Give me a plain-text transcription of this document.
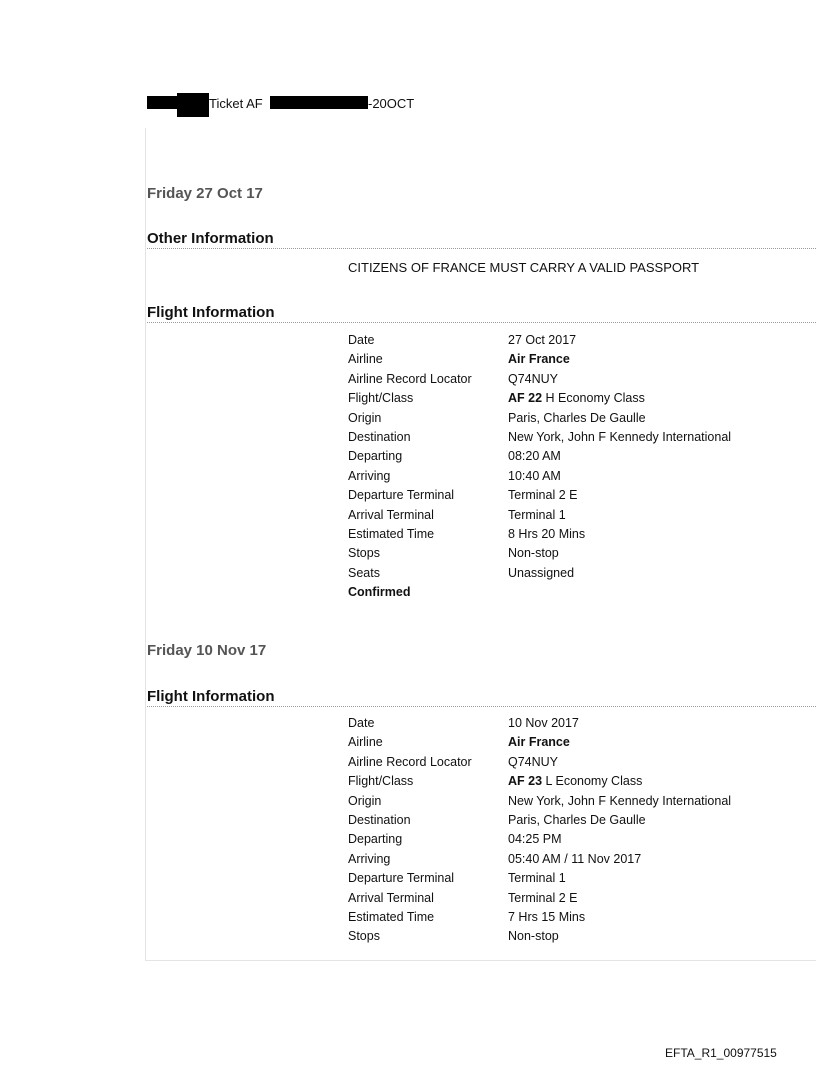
Ticket AF	-20OCT
Friday 27 Oct 17
Other Information
CITIZENS OF FRANCE MUST CARRY A VALID PASSPORT
Flight Information
Date	27 Oct 2017
Airline	Air France
Airline Record Locator	Q74NUY
Flight/Class	AF 22 H Economy Class
Origin	Paris, Charles De Gaulle
Destination	New York, John F Kennedy International
Departing	08:20 AM
Arriving	10:40 AM
Departure Terminal	Terminal 2 E
Arrival Terminal	Terminal 1
Estimated Time	8 Hrs 20 Mins
Stops	Non-stop
Seats	Unassigned
Confirmed
Friday 10 Nov 17
Flight Information
Date	10 Nov 2017
Airline	Air France
Airline Record Locator	Q74NUY
Flight/Class	AF 23 L Economy Class
Origin	New York, John F Kennedy International
Destination	Paris, Charles De Gaulle
Departing	04:25 PM
Arriving	05:40 AM / 11 Nov 2017
Departure Terminal	Terminal 1
Arrival Terminal	Terminal 2 E
Estimated Time	7 Hrs 15 Mins
Stops	Non-stop
EFTA_R1_00977515
